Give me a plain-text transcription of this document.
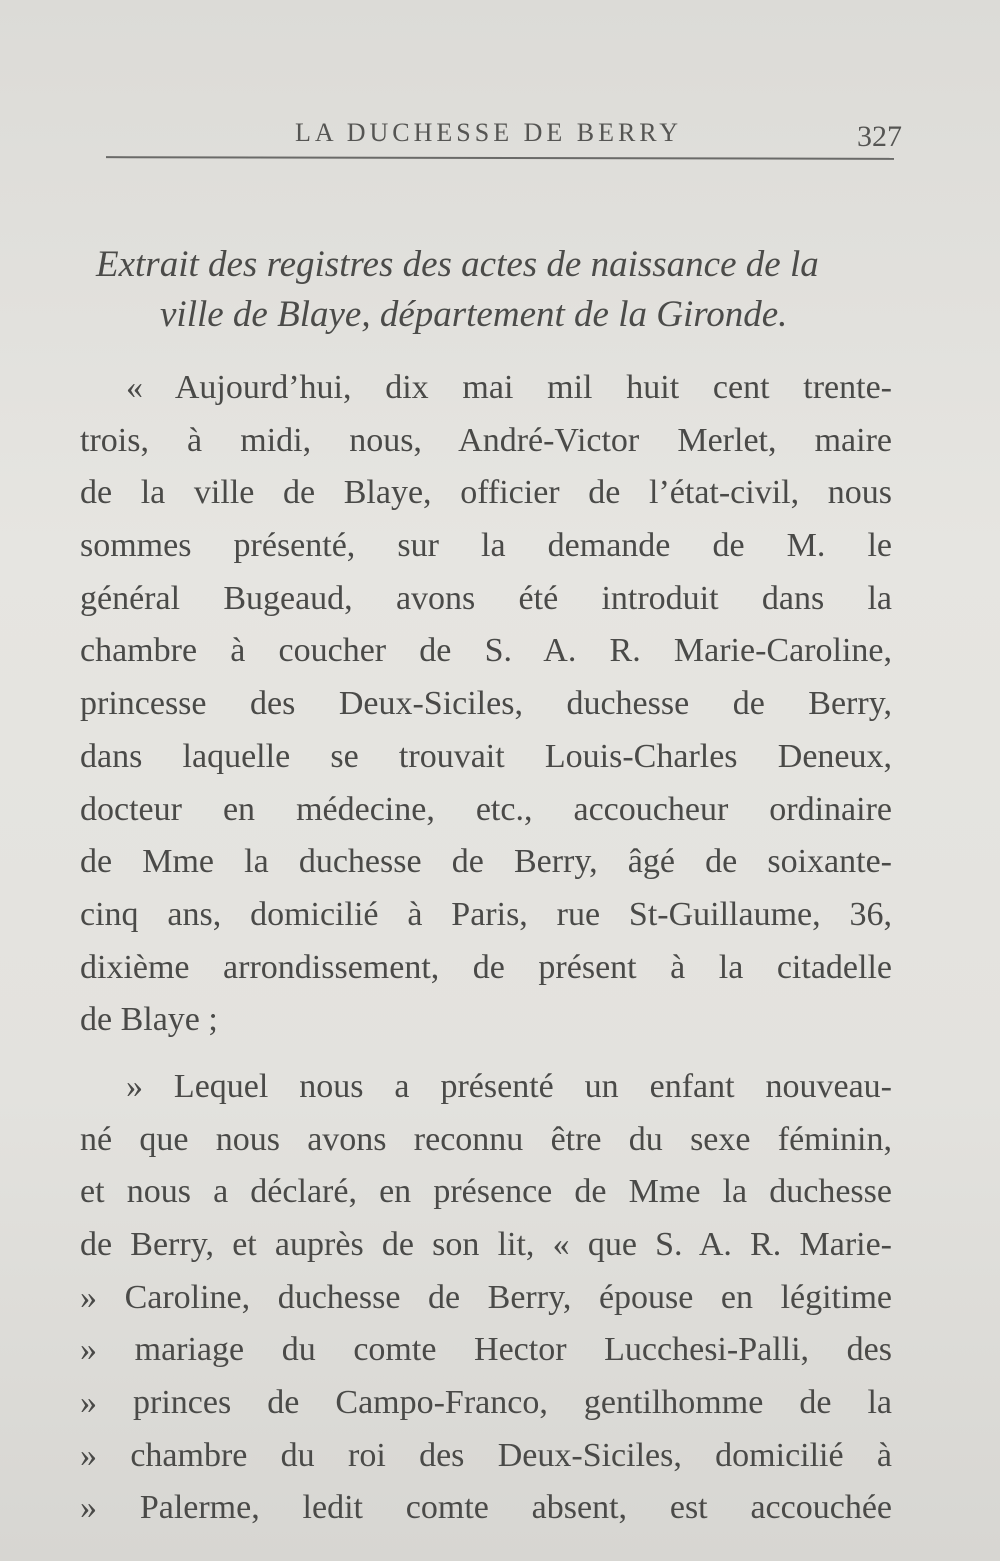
LA DUCHESSE DE BERRY	327
Extrait des registres des actes de naissance de la
ville de Blaye, département de la Gironde.
« Aujourd’hui, dix mai mil huit cent trente-
trois, à midi, nous, André-Victor Merlet, maire
de la ville de Blaye, officier de l’état-civil, nous
sommes présenté, sur la demande de M. le
général Bugeaud, avons été introduit dans la
chambre à coucher de S. A. R. Marie-Caroline,
princesse des Deux-Siciles, duchesse de Berry,
dans laquelle se trouvait Louis-Charles Deneux,
docteur en médecine, etc., accoucheur ordinaire
de Mme la duchesse de Berry, âgé de soixante-
cinq ans, domicilié à Paris, rue St-Guillaume, 36,
dixième arrondissement, de présent à la citadelle
de Blaye ;
» Lequel nous a présenté un enfant nouveau-
né que nous avons reconnu être du sexe féminin,
et nous a déclaré, en présence de Mme la duchesse
de Berry, et auprès de son lit, « que S. A. R. Marie-
» Caroline, duchesse de Berry, épouse en légitime
» mariage du comte Hector Lucchesi-Palli, des
» princes de Campo-Franco, gentilhomme de la
» chambre du roi des Deux-Siciles, domicilié à
» Palerme, ledit comte absent, est accouchée
